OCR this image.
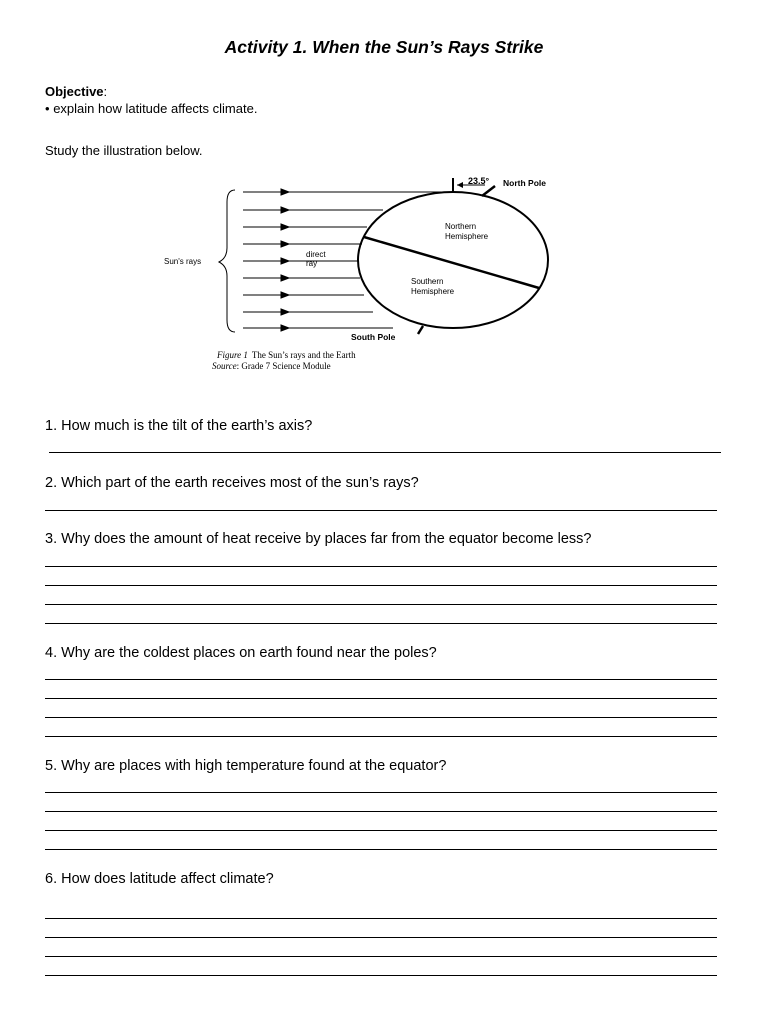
Activity 1. When the Sun’s Rays Strike
Objective:
• explain how latitude affects climate.
Study the illustration below.
23.5° North Pole
Northern
Hemisphere
Southern
Hemisphere
Sun's rays
direct
ray
South Pole
Figure 1 The Sun’s rays and the Earth
Source: Grade 7 Science Module
1. How much is the tilt of the earth’s axis?
2. Which part of the earth receives most of the sun’s rays?
3. Why does the amount of heat receive by places far from the equator become less?
4. Why are the coldest places on earth found near the poles?
5. Why are places with high temperature found at the equator?
6. How does latitude affect climate?
